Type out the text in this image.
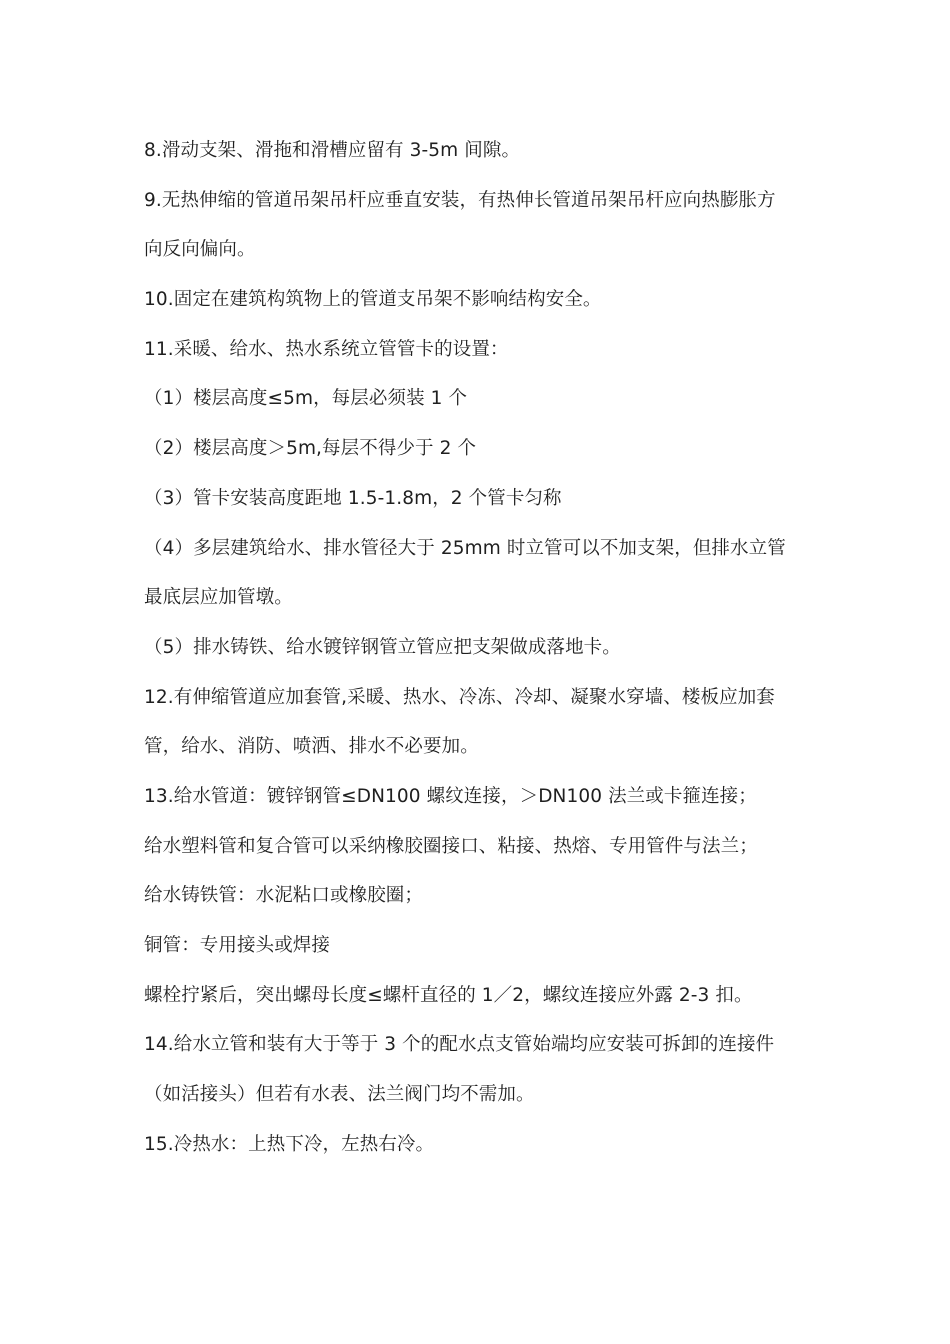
8.滑动支架、滑拖和滑槽应留有 3-5m 间隙。
9.无热伸缩的管道吊架吊杆应垂直安装，有热伸长管道吊架吊杆应向热膨胀方
向反向偏向。
10.固定在建筑构筑物上的管道支吊架不影响结构安全。
11.采暖、给水、热水系统立管管卡的设置：
（1）楼层高度≤5m，每层必须装 1 个
（2）楼层高度＞5m,每层不得少于 2 个
（3）管卡安装高度距地 1.5-1.8m，2 个管卡匀称
（4）多层建筑给水、排水管径大于 25mm 时立管可以不加支架，但排水立管
最底层应加管墩。
（5）排水铸铁、给水镀锌钢管立管应把支架做成落地卡。
12.有伸缩管道应加套管,采暖、热水、冷冻、冷却、凝聚水穿墙、楼板应加套
管，给水、消防、喷洒、排水不必要加。
13.给水管道：镀锌钢管≤DN100 螺纹连接，＞DN100 法兰或卡箍连接；
给水塑料管和复合管可以采纳橡胶圈接口、粘接、热熔、专用管件与法兰；
给水铸铁管：水泥粘口或橡胶圈；
铜管：专用接头或焊接
螺栓拧紧后，突出螺母长度≤螺杆直径的 1／2，螺纹连接应外露 2-3 扣。
14.给水立管和装有大于等于 3 个的配水点支管始端均应安装可拆卸的连接件
（如活接头）但若有水表、法兰阀门均不需加。
15.冷热水：上热下冷，左热右冷。
